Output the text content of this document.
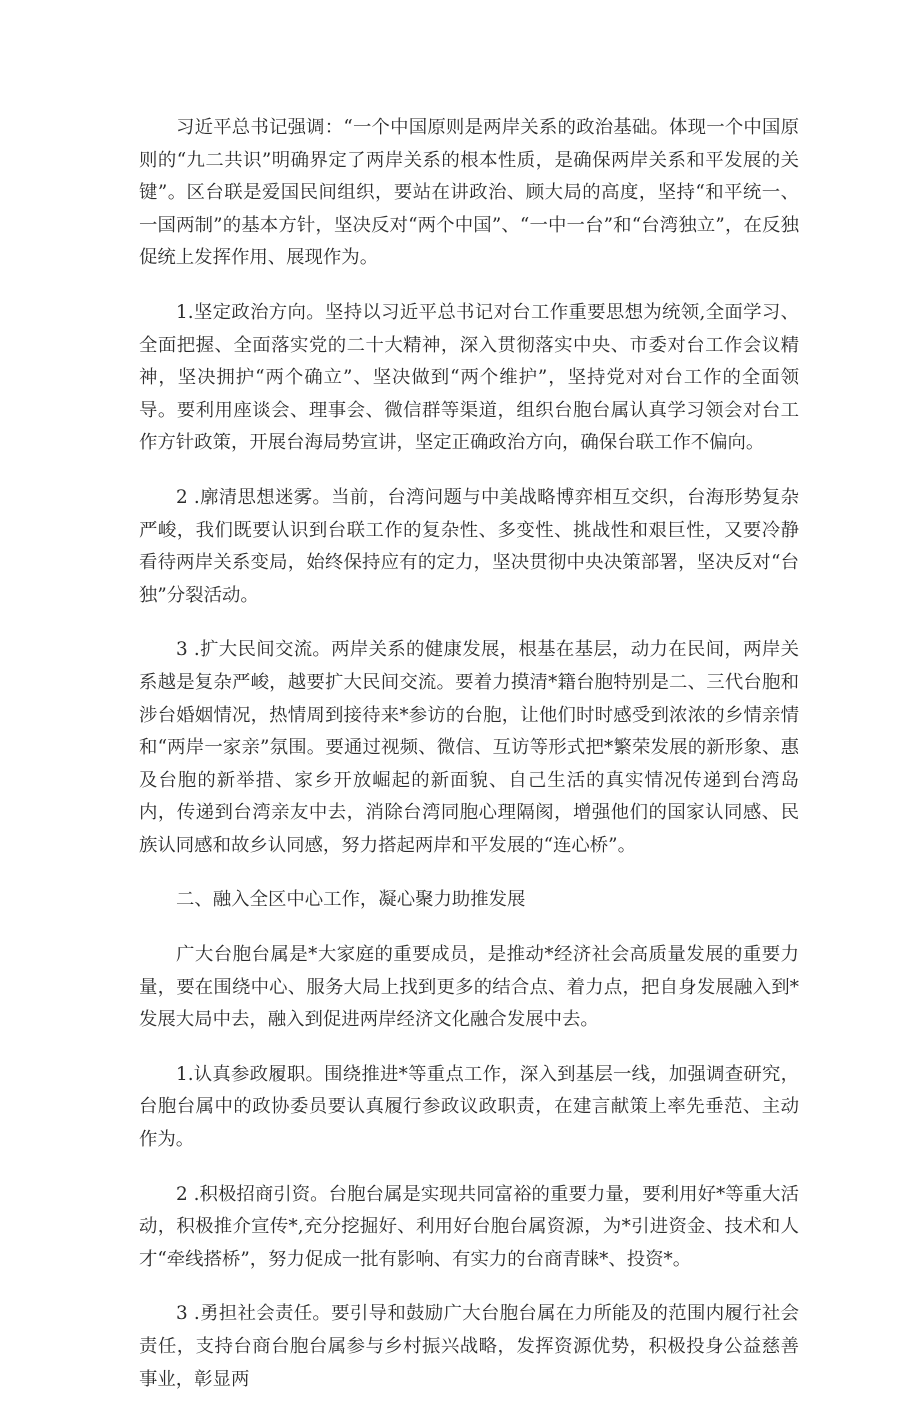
习近平总书记强调：“一个中国原则是两岸关系的政治基础。体现一个中国原则的“九二共识”明确界定了两岸关系的根本性质，是确保两岸关系和平发展的关键”。区台联是爱国民间组织，要站在讲政治、顾大局的高度，坚持“和平统一、一国两制”的基本方针，坚决反对“两个中国”、“一中一台”和“台湾独立”，在反独促统上发挥作用、展现作为。

1.坚定政治方向。坚持以习近平总书记对台工作重要思想为统领,全面学习、全面把握、全面落实党的二十大精神，深入贯彻落实中央、市委对台工作会议精神，坚决拥护“两个确立”、坚决做到“两个维护”，坚持党对对台工作的全面领导。要利用座谈会、理事会、微信群等渠道，组织台胞台属认真学习领会对台工作方针政策，开展台海局势宣讲，坚定正确政治方向，确保台联工作不偏向。

2 .廓清思想迷雾。当前，台湾问题与中美战略博弈相互交织，台海形势复杂严峻，我们既要认识到台联工作的复杂性、多变性、挑战性和艰巨性，又要冷静看待两岸关系变局，始终保持应有的定力，坚决贯彻中央决策部署，坚决反对“台独”分裂活动。

3 .扩大民间交流。两岸关系的健康发展，根基在基层，动力在民间，两岸关系越是复杂严峻，越要扩大民间交流。要着力摸清*籍台胞特别是二、三代台胞和涉台婚姻情况，热情周到接待来*参访的台胞，让他们时时感受到浓浓的乡情亲情和“两岸一家亲”氛围。要通过视频、微信、互访等形式把*繁荣发展的新形象、惠及台胞的新举措、家乡开放崛起的新面貌、自己生活的真实情况传递到台湾岛内，传递到台湾亲友中去，消除台湾同胞心理隔阂，增强他们的国家认同感、民族认同感和故乡认同感，努力搭起两岸和平发展的“连心桥”。

二、融入全区中心工作，凝心聚力助推发展

广大台胞台属是*大家庭的重要成员，是推动*经济社会高质量发展的重要力量，要在围绕中心、服务大局上找到更多的结合点、着力点，把自身发展融入到*发展大局中去，融入到促进两岸经济文化融合发展中去。

1.认真参政履职。围绕推进*等重点工作，深入到基层一线，加强调查研究，台胞台属中的政协委员要认真履行参政议政职责，在建言献策上率先垂范、主动作为。

2 .积极招商引资。台胞台属是实现共同富裕的重要力量，要利用好*等重大活动，积极推介宣传*,充分挖掘好、利用好台胞台属资源，为*引进资金、技术和人才“牵线搭桥”，努力促成一批有影响、有实力的台商青睐*、投资*。

3 .勇担社会责任。要引导和鼓励广大台胞台属在力所能及的范围内履行社会责任，支持台商台胞台属参与乡村振兴战略，发挥资源优势，积极投身公益慈善事业，彰显两
